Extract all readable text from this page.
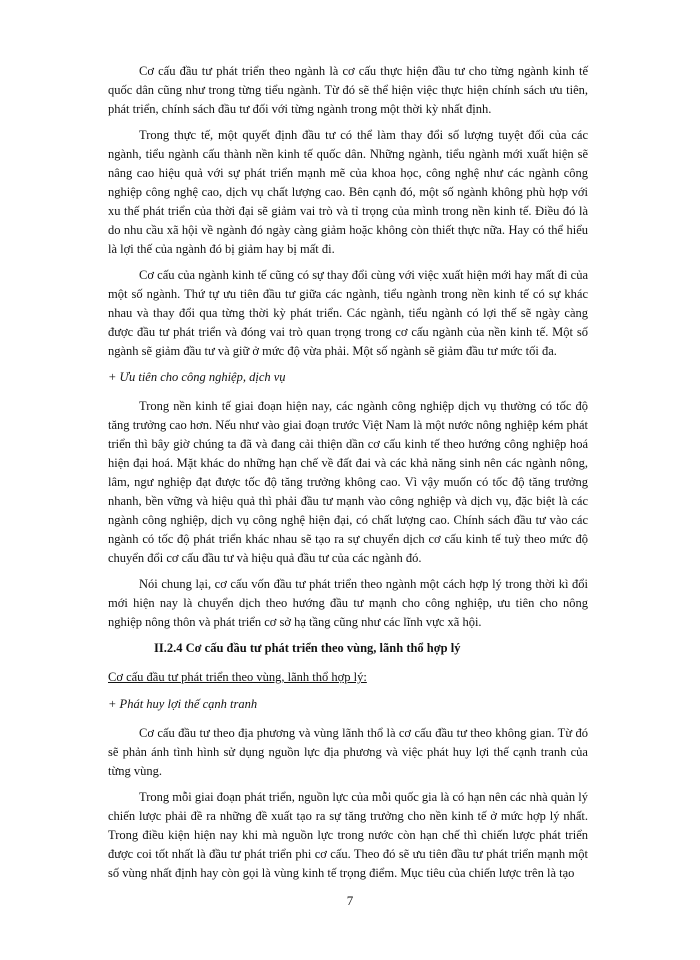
Cơ cấu đầu tư phát triển theo ngành là cơ cấu thực hiện đầu tư cho từng ngành kinh tế quốc dân cũng như trong từng tiểu ngành. Từ đó sẽ thể hiện việc thực hiện chính sách ưu tiên, phát triển, chính sách đầu tư đối với từng ngành trong một thời kỳ nhất định.

Trong thực tế, một quyết định đầu tư có thể làm thay đổi số lượng tuyệt đối của các ngành, tiểu ngành cấu thành nền kinh tế quốc dân. Những ngành, tiểu ngành mới xuất hiện sẽ nâng cao hiệu quả với sự phát triển mạnh mẽ của khoa học, công nghệ như các ngành công nghiệp công nghệ cao, dịch vụ chất lượng cao. Bên cạnh đó, một số ngành không phù hợp với xu thế phát triển của thời đại sẽ giảm vai trò và tỉ trọng của mình trong nền kinh tế. Điều đó là do nhu cầu xã hội về ngành đó ngày càng giảm hoặc không còn thiết thực nữa. Hay có thể hiểu là lợi thế của ngành đó bị giảm hay bị mất đi.

Cơ cấu của ngành kinh tế cũng có sự thay đổi cùng với việc xuất hiện mới hay mất đi của một số ngành. Thứ tự ưu tiên đầu tư giữa các ngành, tiểu ngành trong nền kinh tế có sự khác nhau và thay đổi qua từng thời kỳ phát triển. Các ngành, tiểu ngành có lợi thế sẽ ngày càng được đầu tư phát triển và đóng vai trò quan trọng trong cơ cấu ngành của nền kinh tế. Một số ngành sẽ giảm đầu tư và giữ ở mức độ vừa phải. Một số ngành sẽ giảm đầu tư mức tối đa.

+ Ưu tiên cho công nghiệp, dịch vụ

Trong nền kinh tế giai đoạn hiện nay, các ngành công nghiệp dịch vụ thường có tốc độ tăng trưởng cao hơn. Nếu như vào giai đoạn trước Việt Nam là một nước nông nghiệp kém phát triển thì bây giờ chúng ta đã và đang cải thiện dần cơ cấu kinh tế theo hướng công nghiệp hoá hiện đại hoá. Mặt khác do những hạn chế về đất đai và các khả năng sinh nên các ngành nông, lâm, ngư nghiệp đạt được tốc độ tăng trưởng không cao. Vì vậy muốn có tốc độ tăng trưởng nhanh, bền vững và hiệu quả thì phải đầu tư mạnh vào công nghiệp và dịch vụ, đặc biệt là các ngành công nghiệp, dịch vụ công nghệ hiện đại, có chất lượng cao. Chính sách đầu tư vào các ngành có tốc độ phát triển khác nhau sẽ tạo ra sự chuyển dịch cơ cấu kinh tế tuỳ theo mức độ chuyển đổi cơ cấu đầu tư và hiệu quả đầu tư của các ngành đó.

Nói chung lại, cơ cấu vốn đầu tư phát triển theo ngành một cách hợp lý trong thời kì đổi mới hiện nay là chuyển dịch theo hướng đầu tư mạnh cho công nghiệp, ưu tiên cho nông nghiệp nông thôn và phát triển cơ sở hạ tầng cũng như các lĩnh vực xã hội.

II.2.4 Cơ cấu đầu tư phát triển theo vùng, lãnh thổ hợp lý

Cơ cấu đầu tư phát triển theo vùng, lãnh thổ hợp lý:

+ Phát huy lợi thế cạnh tranh

Cơ cấu đầu tư theo địa phương và vùng lãnh thổ là cơ cấu đầu tư theo không gian. Từ đó sẽ phản ánh tình hình sử dụng nguồn lực địa phương và việc phát huy lợi thế cạnh tranh của từng vùng.

Trong mỗi giai đoạn phát triển, nguồn lực của mỗi quốc gia là có hạn nên các nhà quản lý chiến lược phải đề ra những đề xuất tạo ra sự tăng trưởng cho nền kinh tế ở mức hợp lý nhất. Trong điều kiện hiện nay khi mà nguồn lực trong nước còn hạn chế thì chiến lược phát triển được coi tốt nhất là đầu tư phát triển phi cơ cấu. Theo đó sẽ ưu tiên đầu tư phát triển mạnh một số vùng nhất định hay còn gọi là vùng kinh tế trọng điểm. Mục tiêu của chiến lược trên là tạo

7
